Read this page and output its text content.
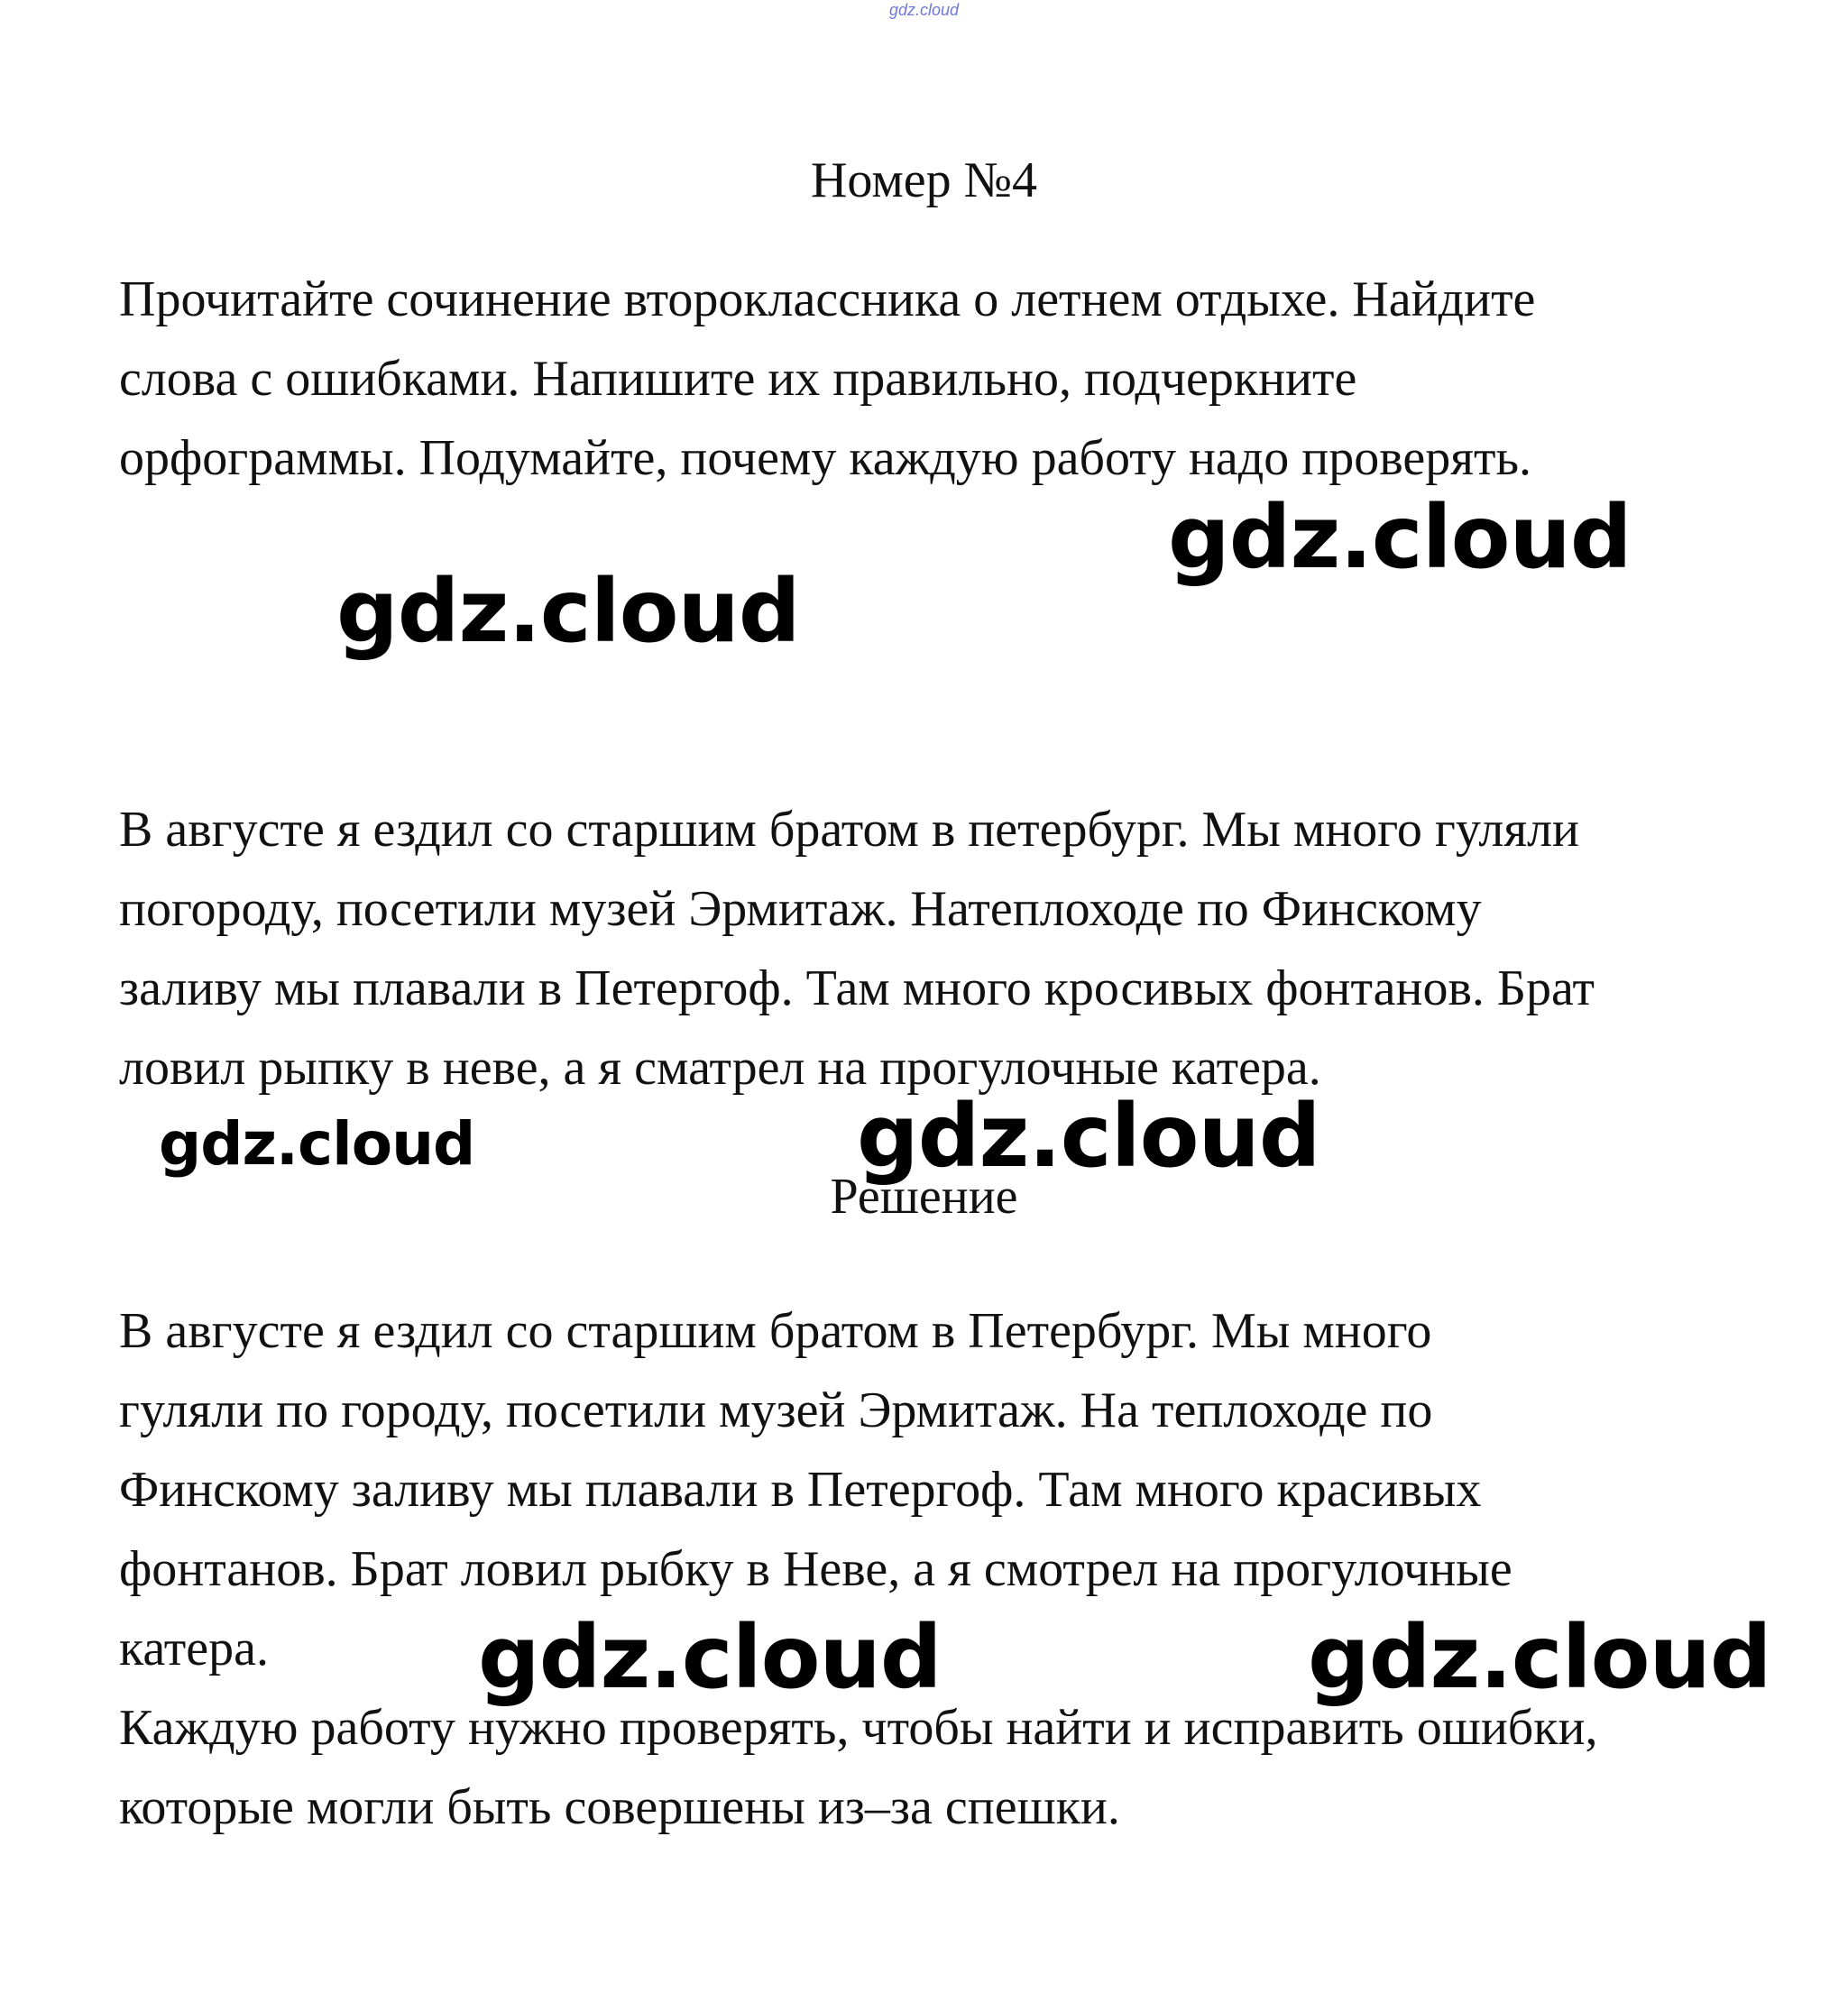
gdz.cloud
Номер №4

Прочитайте сочинение второклассника о летнем отдыхе. Найдите
слова с ошибками. Напишите их правильно, подчеркните
орфограммы. Подумайте, почему каждую работу надо проверять.

В августе я ездил со старшим братом в петербург. Мы много гуляли
погороду, посетили музей Эрмитаж. Натеплоходе по Финскому
заливу мы плавали в Петергоф. Там много кросивых фонтанов. Брат
ловил рыпку в неве, а я сматрел на прогулочные катера.

Решение

В августе я ездил со старшим братом в Петербург. Мы много
гуляли по городу, посетили музей Эрмитаж. На теплоходе по
Финскому заливу мы плавали в Петергоф. Там много красивых
фонтанов. Брат ловил рыбку в Неве, а я смотрел на прогулочные
катера.

Каждую работу нужно проверять, чтобы найти и исправить ошибки,
которые могли быть совершены из–за спешки.

gdz.cloud
gdz.cloud
gdz.cloud	gdz.cloud
gdz.cloud	gdz.cloud
